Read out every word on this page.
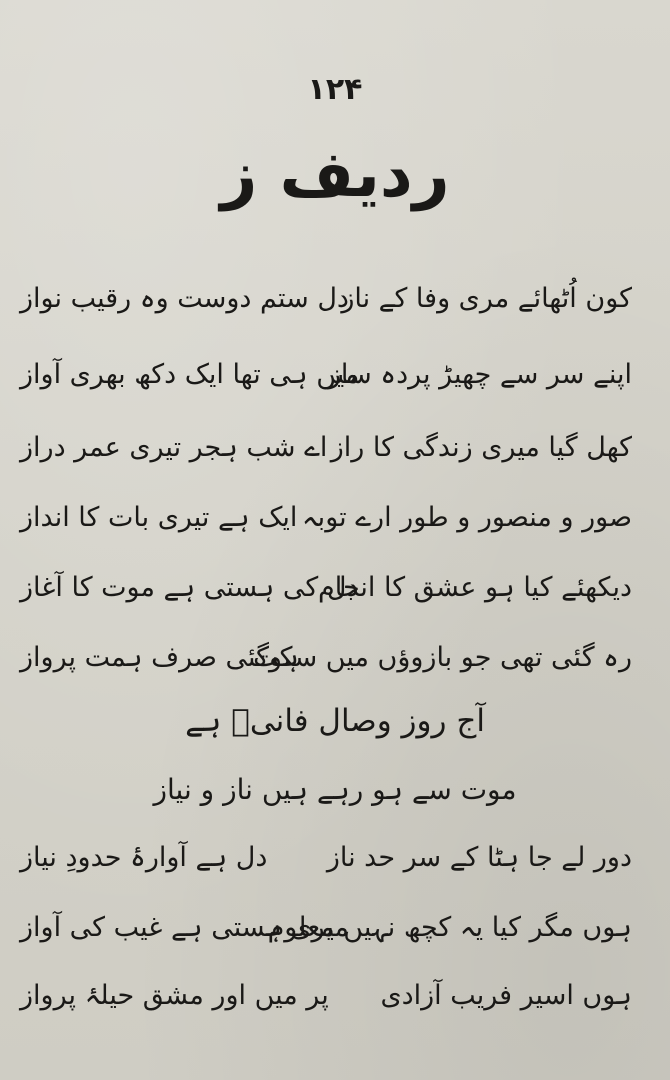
۱۲۴
ردیف ز
کون اُٹھائے مری وفا کے ناز
دل ستم دوست وہ رقیب نواز
اپنے سر سے چھیڑ پردہ ساز
میں ہی تھا ایک دکھ بھری آواز
کھل گیا میری زندگی کا راز
اے شب ہجر تیری عمر دراز
صور و منصور و طور ارے توبہ
ایک ہے تیری بات کا انداز
دیکھئے کیا ہو عشق کا انجام
دل کی ہستی ہے موت کا آغاز
رہ گئی تھی جو بازوؤں میں سکت
ہوگئی صرف ہمت پرواز
آج روز وصال فانیؔ ہے
موت سے ہو رہے ہیں ناز و نیاز
دور لے جا ہٹا کے سر حد ناز
دل ہے آوارۂ حدودِ نیاز
ہوں مگر کیا یہ کچھ نہیں معلوم
میری ہستی ہے غیب کی آواز
ہوں اسیر فریب آزادی
پر میں اور مشق حیلۂ پرواز
